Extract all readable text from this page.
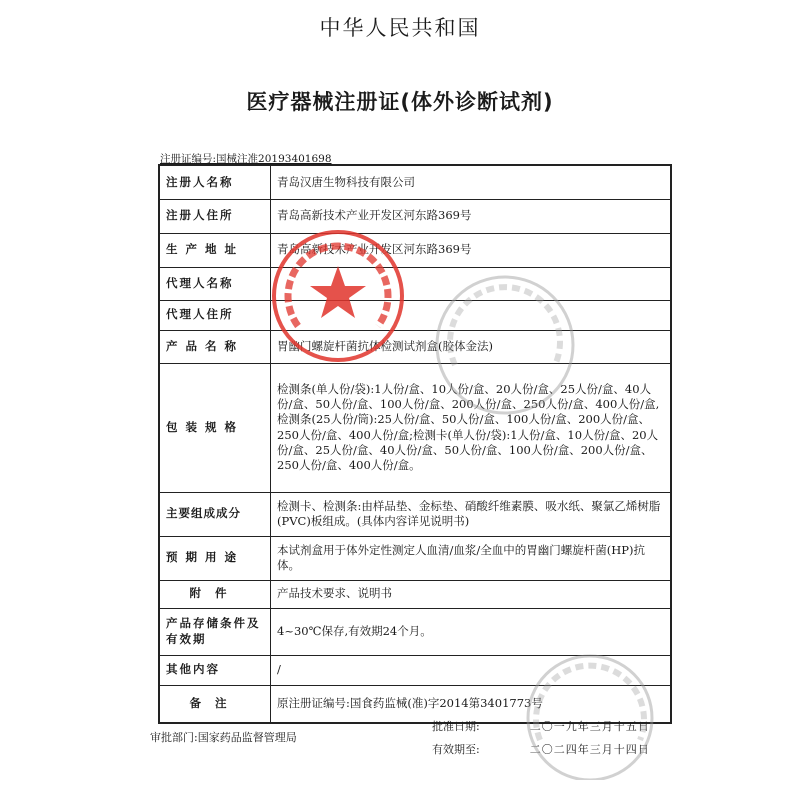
中华人民共和国
医疗器械注册证(体外诊断试剂)
注册证编号:国械注准20193401698
注册人名称	青岛汉唐生物科技有限公司
注册人住所	青岛高新技术产业开发区河东路369号
生产地址	青岛高新技术产业开发区河东路369号
代理人名称	
代理人住所	
产品名称	胃幽门螺旋杆菌抗体检测试剂盒(胶体金法)
包装规格	检测条(单人份/袋):1人份/盒、10人份/盒、20人份/盒、25人份/盒、40人份/盒、50人份/盒、100人份/盒、200人份/盒、250人份/盒、400人份/盒,检测条(25人份/筒):25人份/盒、50人份/盒、100人份/盒、200人份/盒、250人份/盒、400人份/盒;检测卡(单人份/袋):1人份/盒、10人份/盒、20人份/盒、25人份/盒、40人份/盒、50人份/盒、100人份/盒、200人份/盒、250人份/盒、400人份/盒。
主要组成成分	检测卡、检测条:由样品垫、金标垫、硝酸纤维素膜、吸水纸、聚氯乙烯树脂(PVC)板组成。(具体内容详见说明书)
预期用途	本试剂盒用于体外定性测定人血清/血浆/全血中的胃幽门螺旋杆菌(HP)抗体。
附件	产品技术要求、说明书
产品存储条件及有效期	4~30℃保存,有效期24个月。
其他内容	/
备注	原注册证编号:国食药监械(准)字2014第3401773号
审批部门:国家药品监督管理局
批准日期:	二〇一九年三月十五日
有效期至:	二〇二四年三月十四日
